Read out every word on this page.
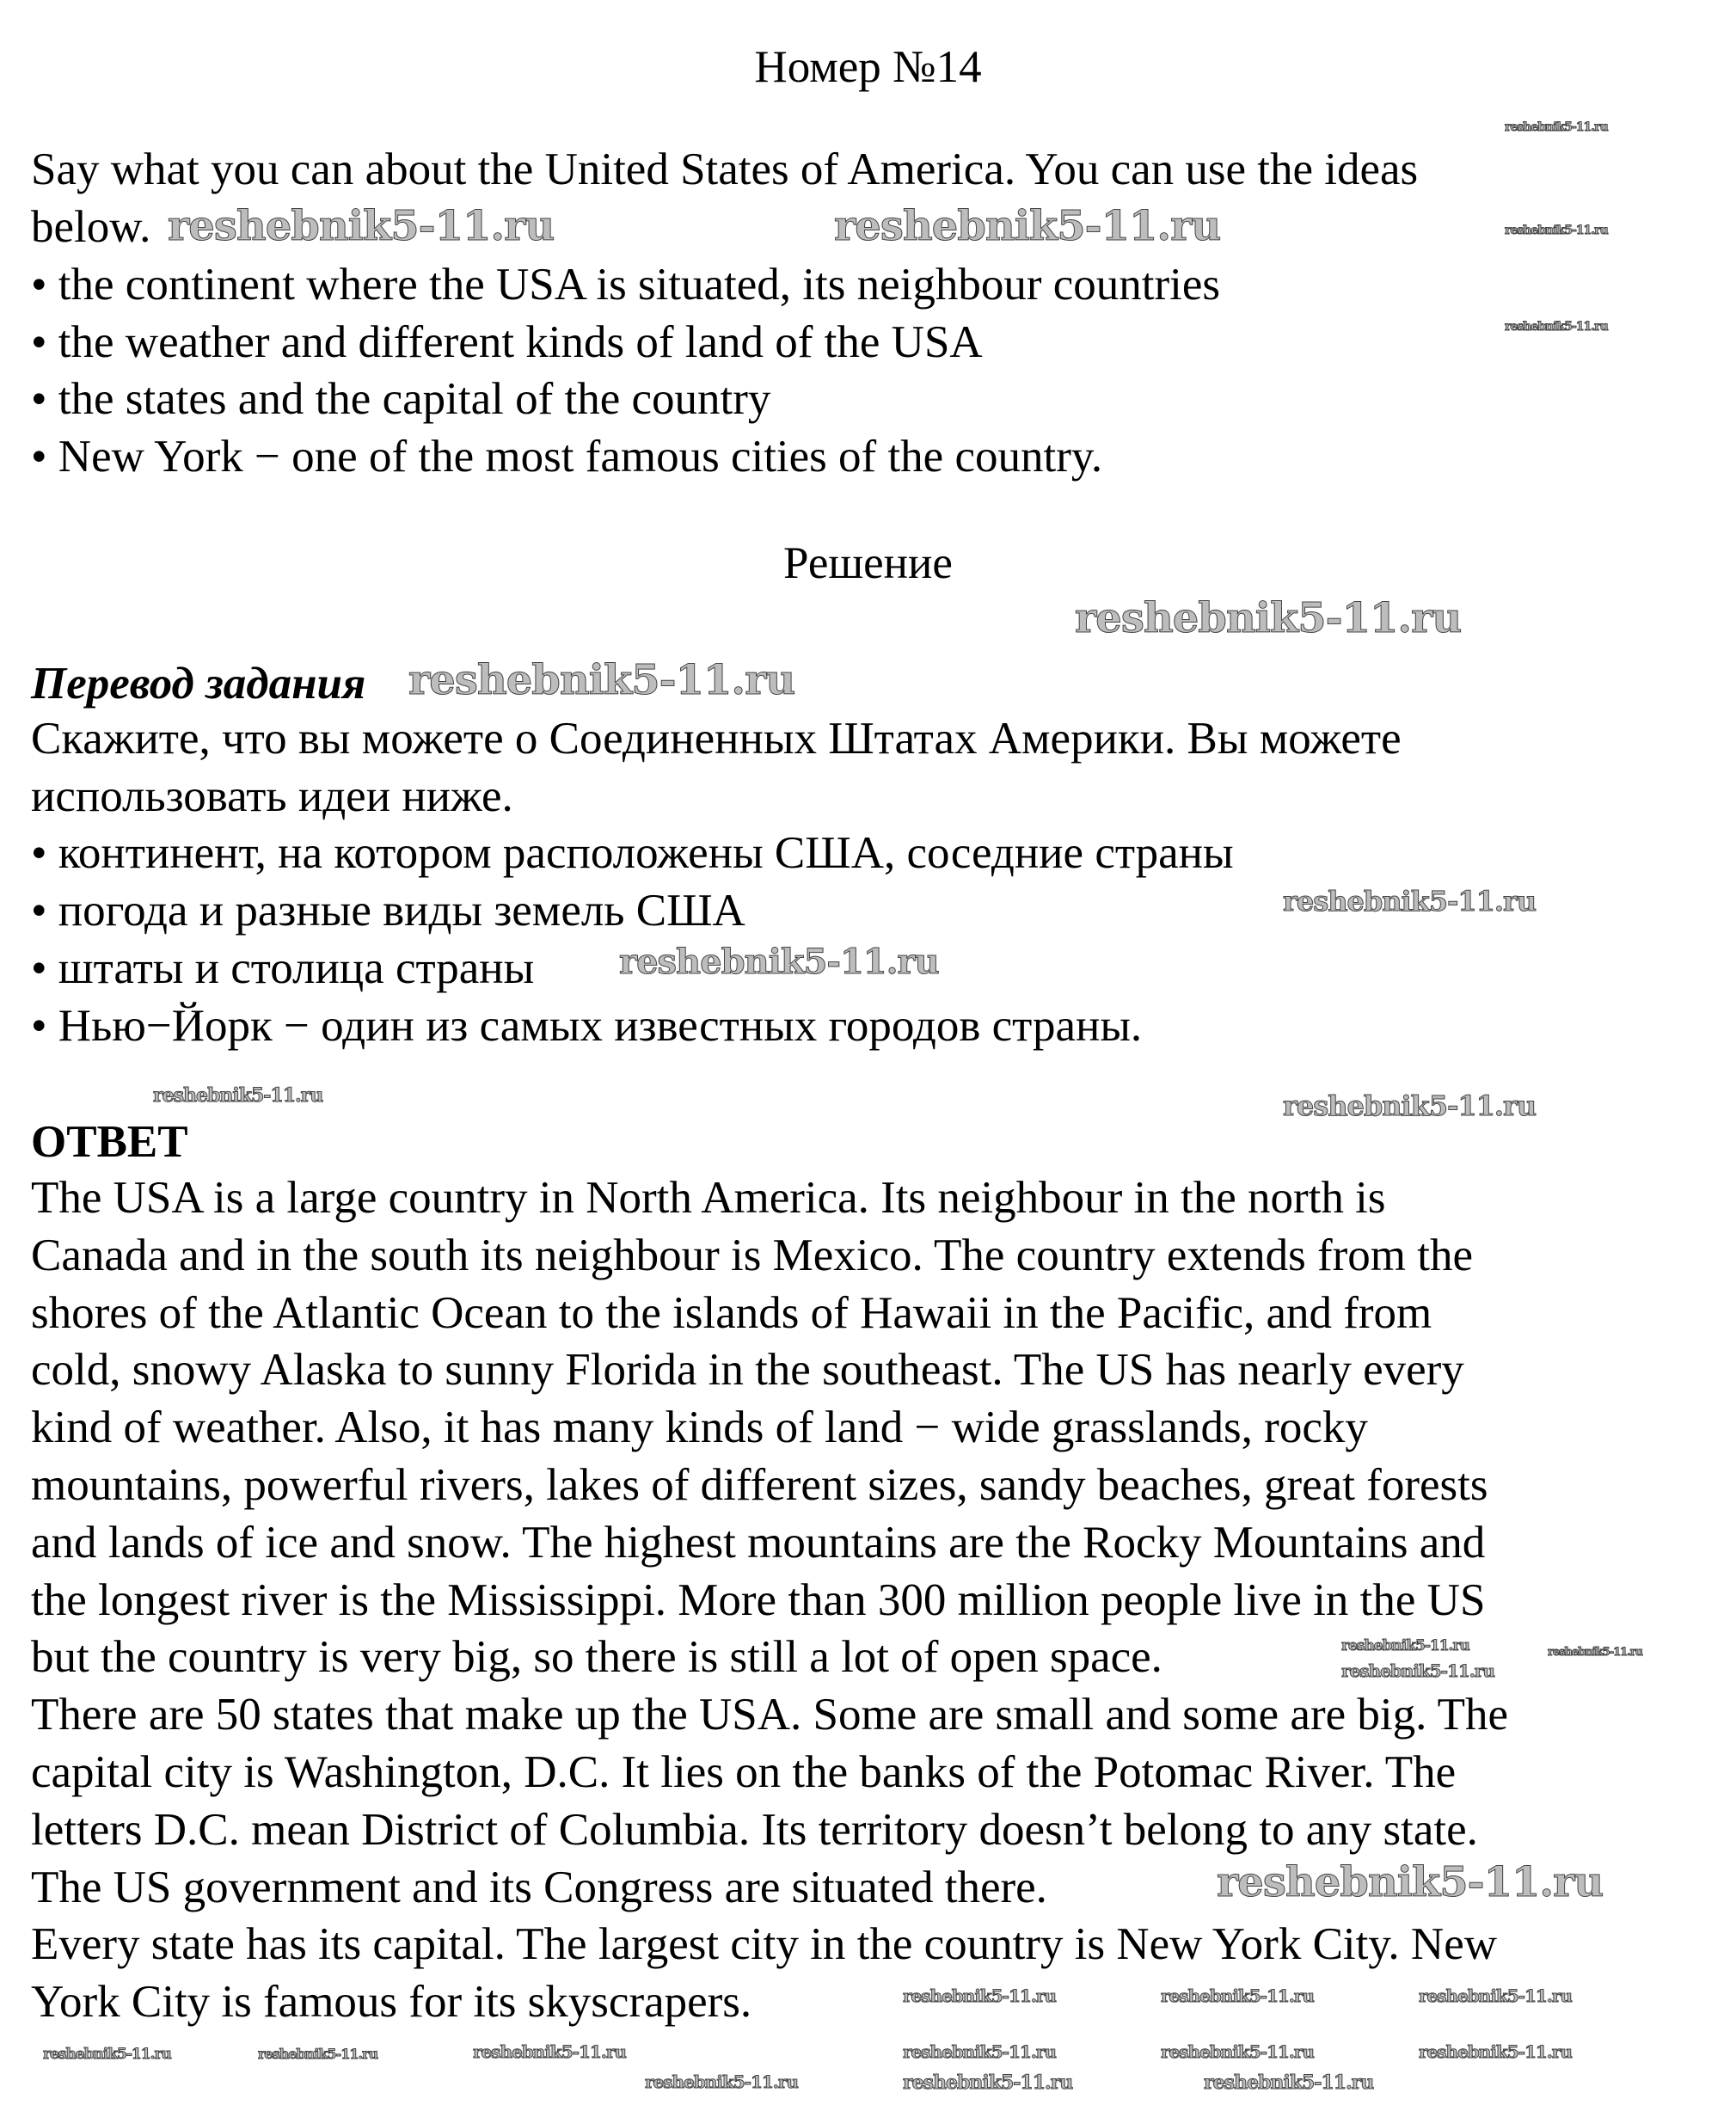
Номер №14
Say what you can about the United States of America. You can use the ideas
below.
• the continent where the USA is situated, its neighbour countries
• the weather and different kinds of land of the USA
• the states and the capital of the country
• New York − one of the most famous cities of the country.
Решение
Перевод задания
Скажите, что вы можете о Соединенных Штатах Америки. Вы можете
использовать идеи ниже.
• континент, на котором расположены США, соседние страны
• погода и разные виды земель США
• штаты и столица страны
• Нью−Йорк − один из самых известных городов страны.
ОТВЕТ
The USA is a large country in North America. Its neighbour in the north is
Canada and in the south its neighbour is Mexico. The country extends from the
shores of the Atlantic Ocean to the islands of Hawaii in the Pacific, and from
cold, snowy Alaska to sunny Florida in the southeast. The US has nearly every
kind of weather. Also, it has many kinds of land − wide grasslands, rocky
mountains, powerful rivers, lakes of different sizes, sandy beaches, great forests
and lands of ice and snow. The highest mountains are the Rocky Mountains and
the longest river is the Mississippi. More than 300 million people live in the US
but the country is very big, so there is still a lot of open space.
There are 50 states that make up the USA. Some are small and some are big. The
capital city is Washington, D.C. It lies on the banks of the Potomac River. The
letters D.C. mean District of Columbia. Its territory doesn’t belong to any state.
The US government and its Congress are situated there.
Every state has its capital. The largest city in the country is New York City. New
York City is famous for its skyscrapers.
reshebnik5-11.ru	reshebnik5-11.ru
reshebnik5-11.ru
reshebnik5-11.ru
reshebnik5-11.ru
reshebnik5-11.ru
reshebnik5-11.ru
reshebnik5-11.ru
reshebnik5-11.ru
reshebnik5-11.ru
reshebnik5-11.ru
reshebnik5-11.ru	reshebnik5-11.ru	reshebnik5-11.ru
reshebnik5-11.ru
reshebnik5-11.ru	reshebnik5-11.ru	reshebnik5-11.ru
reshebnik5-11.ru
reshebnik5-11.ru
reshebnik5-11.ru	reshebnik5-11.ru	reshebnik5-11.ru
reshebnik5-11.ru	reshebnik5-11.ru	reshebnik5-11.ru
reshebnik5-11.ru
